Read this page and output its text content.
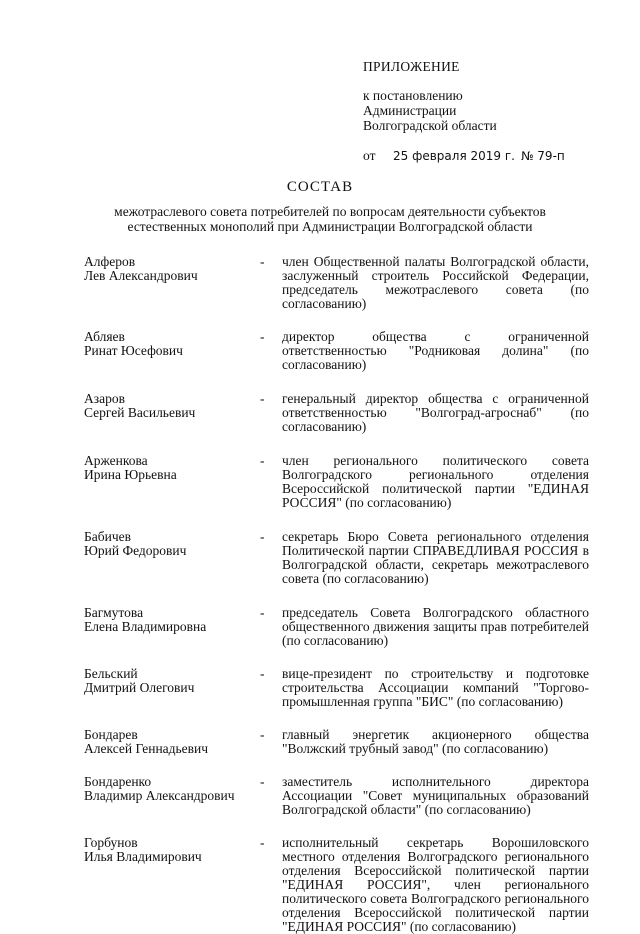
ПРИЛОЖЕНИЕ
к постановлению
Администрации
Волгоградской области
от	25 февраля 2019 г. № 79-п
СОСТАВ
межотраслевого совета потребителей по вопросам деятельности субъектов
естественных монополий при Администрации Волгоградской области
Алферов
Лев Александрович
-	член Общественной палаты Волгоградской области, заслуженный строитель Российской Федерации, председатель межотраслевого совета (по согласованию)
Абляев
Ринат Юсефович
-	директор общества с ограниченной ответственностью "Родниковая долина" (по согласованию)
Азаров
Сергей Васильевич
-	генеральный директор общества с ограниченной ответственностью "Волгоград-агроснаб" (по согласованию)
Арженкова
Ирина Юрьевна
-	член регионального политического совета Волгоградского регионального отделения Всероссийской политической партии "ЕДИНАЯ РОССИЯ" (по согласованию)
Бабичев
Юрий Федорович
-	секретарь Бюро Совета регионального отделения Политической партии СПРАВЕДЛИВАЯ РОССИЯ в Волгоградской области, секретарь межотраслевого совета (по согласованию)
Багмутова
Елена Владимировна
-	председатель Совета Волгоградского областного общественного движения защиты прав потребителей (по согласованию)
Бельский
Дмитрий Олегович
-	вице-президент по строительству и подготовке строительства Ассоциации компаний "Торгово-промышленная группа "БИС" (по согласованию)
Бондарев
Алексей Геннадьевич
-	главный энергетик акционерного общества "Волжский трубный завод" (по согласованию)
Бондаренко
Владимир Александрович
-	заместитель исполнительного директора Ассоциации "Совет муниципальных образований Волгоградской области" (по согласованию)
Горбунов
Илья Владимирович
-	исполнительный секретарь Ворошиловского местного отделения Волгоградского регионального отделения Всероссийской политической партии "ЕДИНАЯ РОССИЯ", член регионального политического совета Волгоградского регионального отделения Всероссийской политической партии "ЕДИНАЯ РОССИЯ" (по согласованию)
